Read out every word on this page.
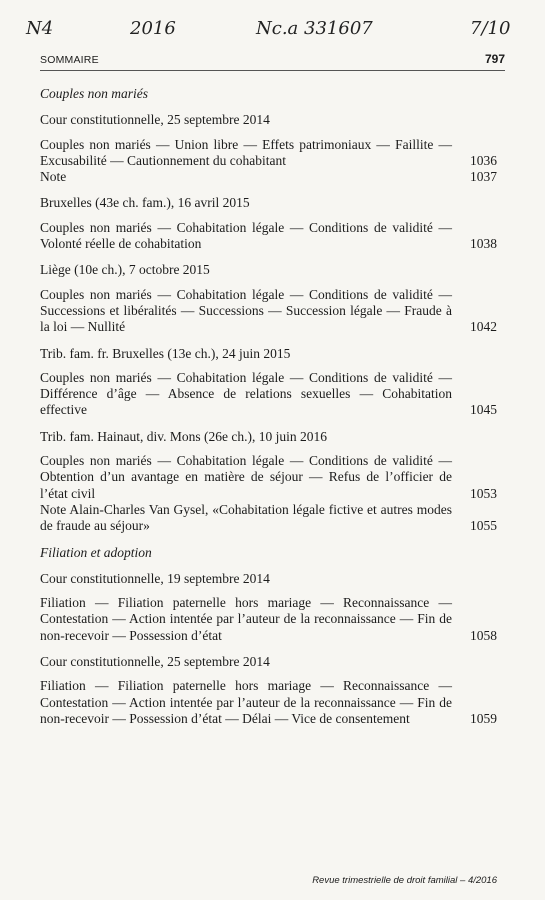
N4	2016	Nc.a 331607	7/10
SOMMAIRE	797
Couples non mariés
Cour constitutionnelle, 25 septembre 2014
Couples non mariés — Union libre — Effets patrimoniaux — Faillite — Excusabilité — Cautionnement du cohabitant	1036
Note	1037
Bruxelles (43e ch. fam.), 16 avril 2015
Couples non mariés — Cohabitation légale — Conditions de validité — Volonté réelle de cohabitation	1038
Liège (10e ch.), 7 octobre 2015
Couples non mariés — Cohabitation légale — Conditions de validité — Successions et libéralités — Successions — Succession légale — Fraude à la loi — Nullité	1042
Trib. fam. fr. Bruxelles (13e ch.), 24 juin 2015
Couples non mariés — Cohabitation légale — Conditions de validité — Différence d’âge — Absence de relations sexuelles — Cohabitation effective	1045
Trib. fam. Hainaut, div. Mons (26e ch.), 10 juin 2016
Couples non mariés — Cohabitation légale — Conditions de validité — Obtention d’un avantage en matière de séjour — Refus de l’officier de l’état civil	1053
Note Alain-Charles Van Gysel, «Cohabitation légale fictive et autres modes de fraude au séjour»	1055
Filiation et adoption
Cour constitutionnelle, 19 septembre 2014
Filiation — Filiation paternelle hors mariage — Reconnaissance — Contestation — Action intentée par l’auteur de la reconnaissance — Fin de non-recevoir — Possession d’état	1058
Cour constitutionnelle, 25 septembre 2014
Filiation — Filiation paternelle hors mariage — Reconnaissance — Contestation — Action intentée par l’auteur de la reconnaissance — Fin de non-recevoir — Possession d’état — Délai — Vice de consentement	1059
Revue trimestrielle de droit familial – 4/2016
